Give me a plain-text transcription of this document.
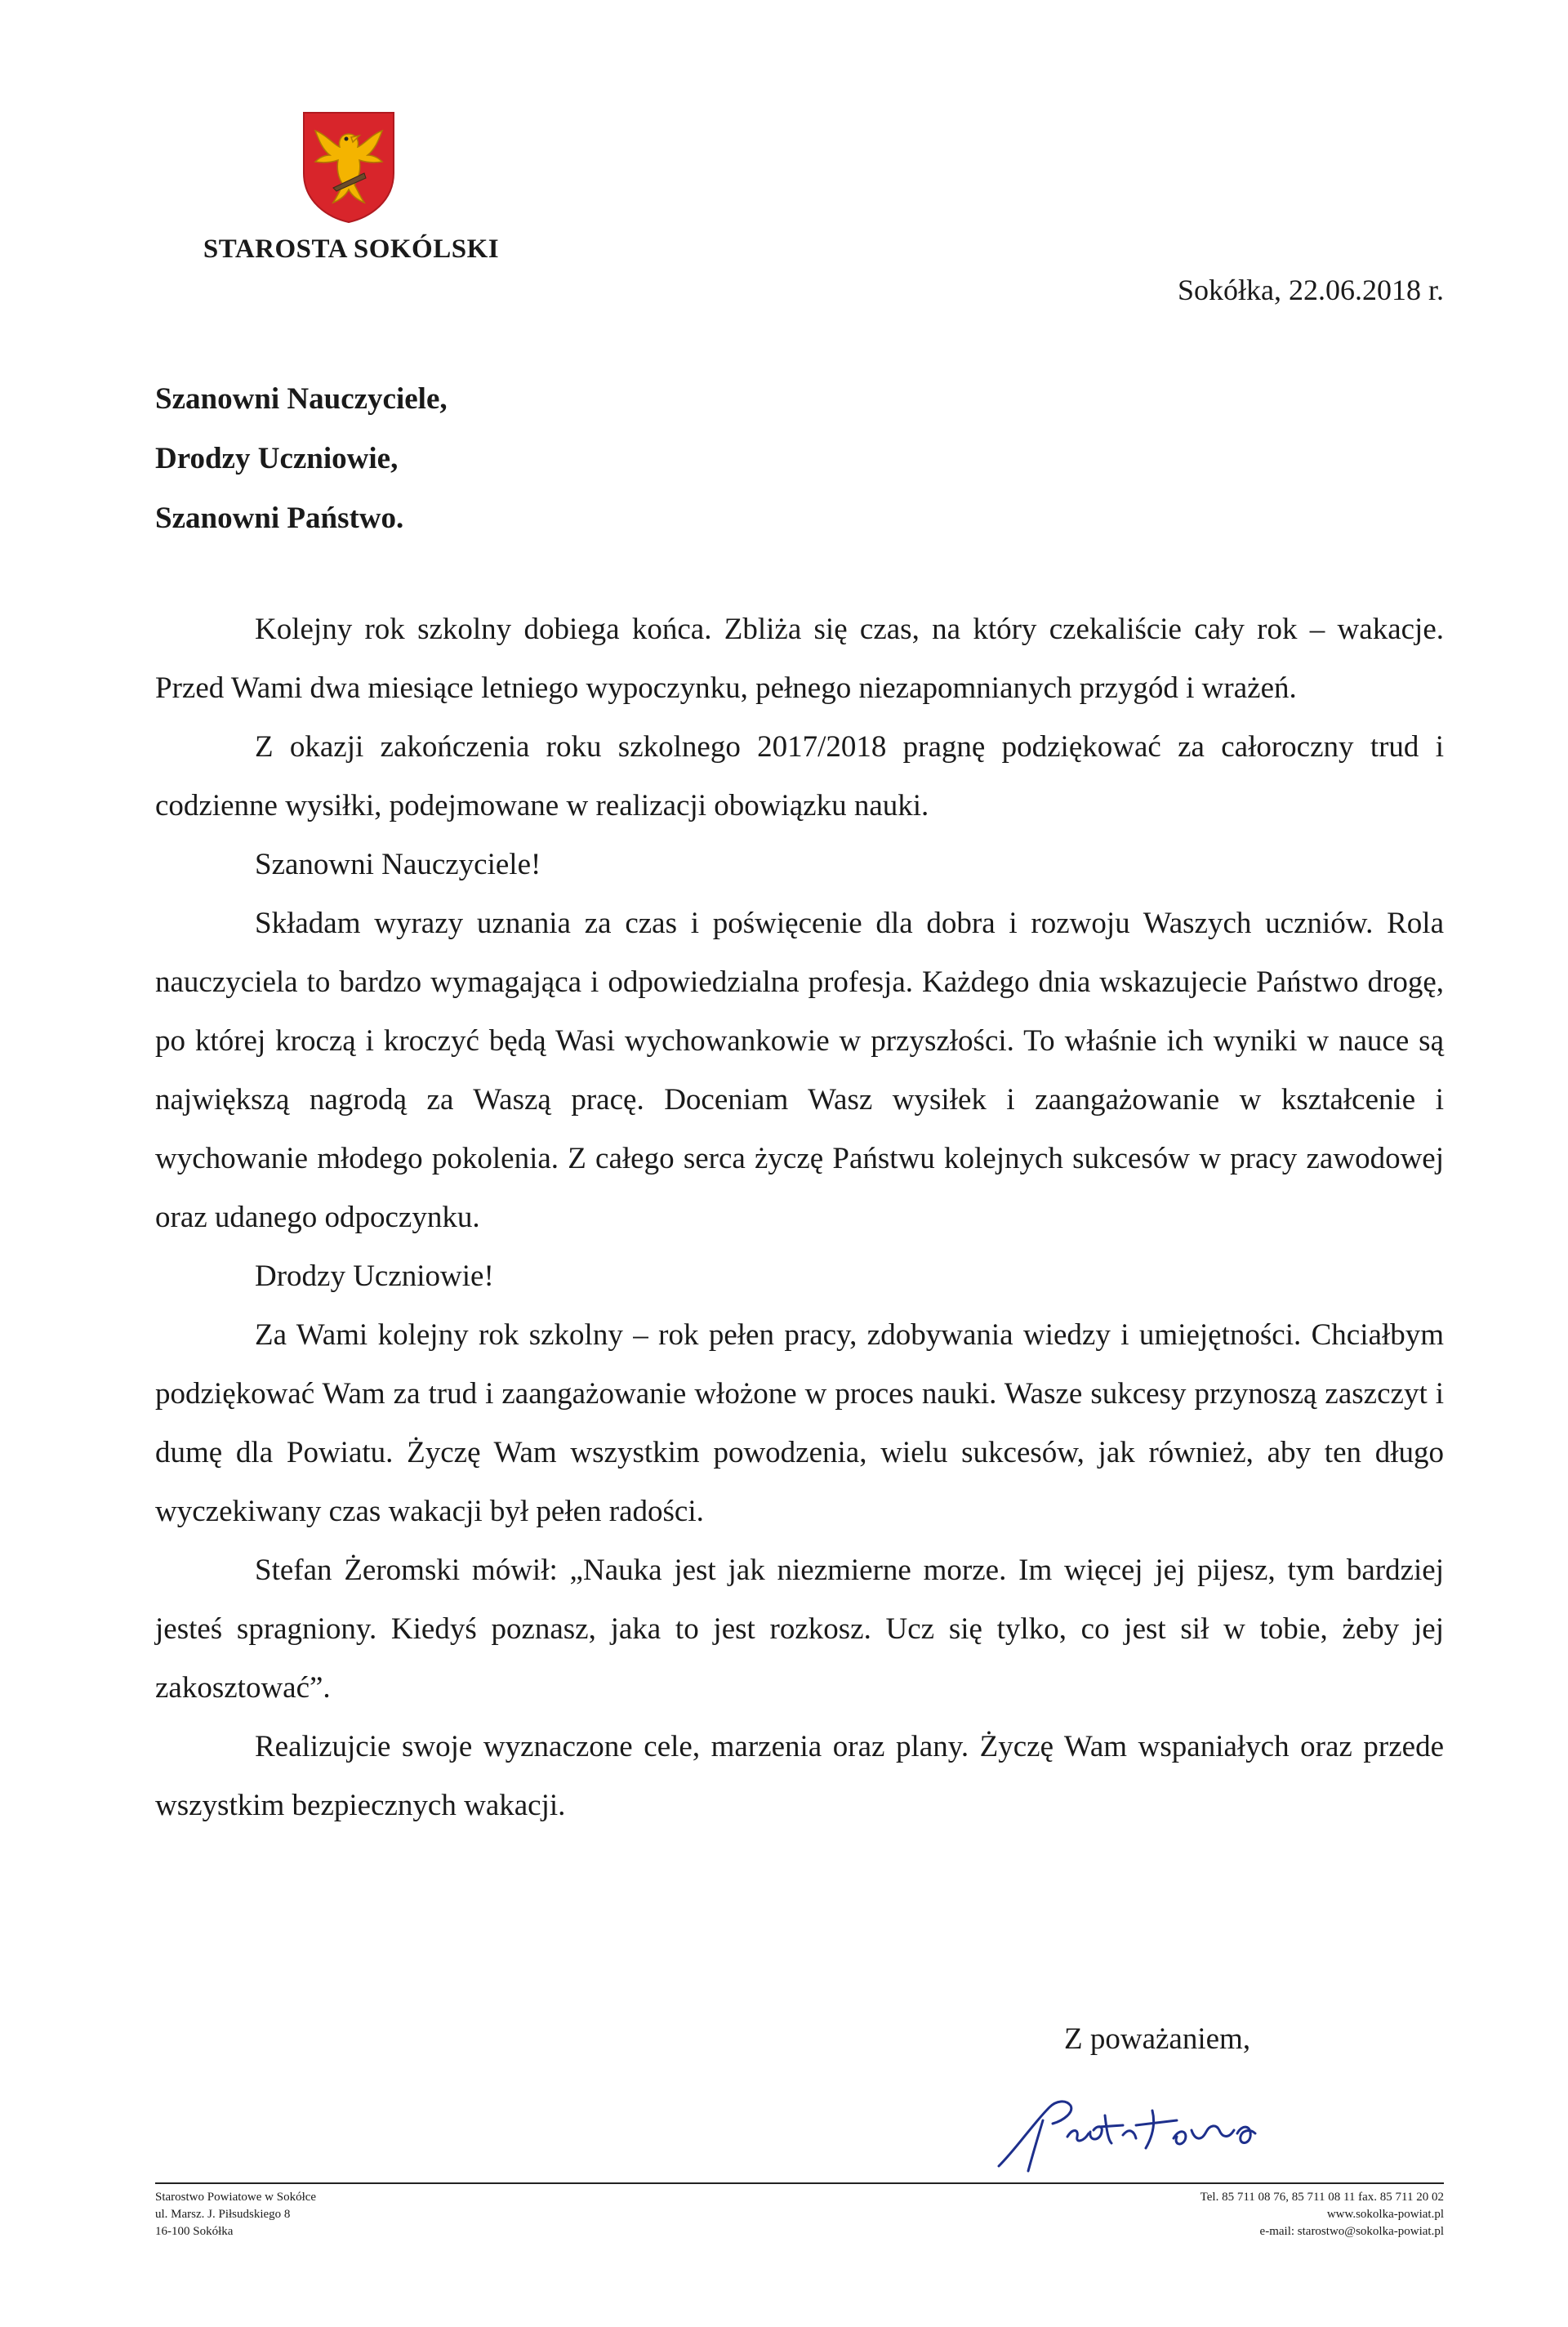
STAROSTA SOKÓLSKI
Sokółka, 22.06.2018 r.
Szanowni Nauczyciele,
Drodzy Uczniowie,
Szanowni Państwo.

Kolejny rok szkolny dobiega końca. Zbliża się czas, na który czekaliście cały rok – wakacje. Przed Wami dwa miesiące letniego wypoczynku, pełnego niezapomnianych przygód i wrażeń.

Z okazji zakończenia roku szkolnego 2017/2018 pragnę podziękować za całoroczny trud i codzienne wysiłki, podejmowane w realizacji obowiązku nauki.

Szanowni Nauczyciele!

Składam wyrazy uznania za czas i poświęcenie dla dobra i rozwoju Waszych uczniów. Rola nauczyciela to bardzo wymagająca i odpowiedzialna profesja. Każdego dnia wskazujecie Państwo drogę, po której kroczą i kroczyć będą Wasi wychowankowie w przyszłości. To właśnie ich wyniki w nauce są największą nagrodą za Waszą pracę. Doceniam Wasz wysiłek i zaangażowanie w kształcenie i wychowanie młodego pokolenia. Z całego serca życzę Państwu kolejnych sukcesów w pracy zawodowej oraz udanego odpoczynku.

Drodzy Uczniowie!

Za Wami kolejny rok szkolny – rok pełen pracy, zdobywania wiedzy i umiejętności. Chciałbym podziękować Wam za trud i zaangażowanie włożone w proces nauki. Wasze sukcesy przynoszą zaszczyt i dumę dla Powiatu. Życzę Wam wszystkim powodzenia, wielu sukcesów, jak również, aby ten długo wyczekiwany czas wakacji był pełen radości.

Stefan Żeromski mówił: „Nauka jest jak niezmierne morze. Im więcej jej pijesz, tym bardziej jesteś spragniony. Kiedyś poznasz, jaka to jest rozkosz. Ucz się tylko, co jest sił w tobie, żeby jej zakosztować”.

Realizujcie swoje wyznaczone cele, marzenia oraz plany. Życzę Wam wspaniałych oraz przede wszystkim bezpiecznych wakacji.

Z poważaniem,
Starostwo Powiatowe w Sokółce
ul. Marsz. J. Piłsudskiego 8
16-100 Sokółka
Tel. 85 711 08 76, 85 711 08 11 fax. 85 711 20 02
www.sokolka-powiat.pl
e-mail: starostwo@sokolka-powiat.pl
